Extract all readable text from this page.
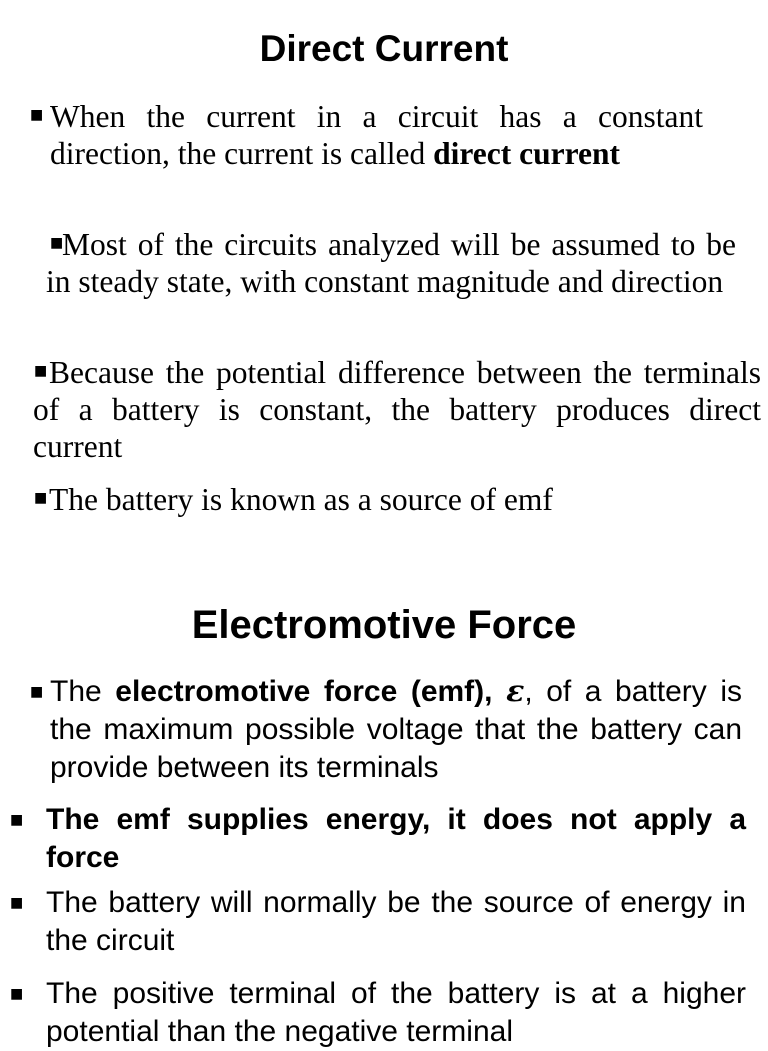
Direct Current
■ When the current in a circuit has a constant direction, the current is called direct current

■

Most of the circuits analyzed will be assumed to be in steady state, with constant magnitude and direction

■ Because the potential difference between the terminals of a battery is constant, the battery produces direct current

■ The battery is known as a source of emf

Electromotive Force
■ The electromotive force (emf), ε, of a battery is the maximum possible voltage that the battery can provide between its terminals

■ The emf supplies energy, it does not apply a force

■ The battery will normally be the source of energy in the circuit

■ The positive terminal of the battery is at a higher potential than the negative terminal
